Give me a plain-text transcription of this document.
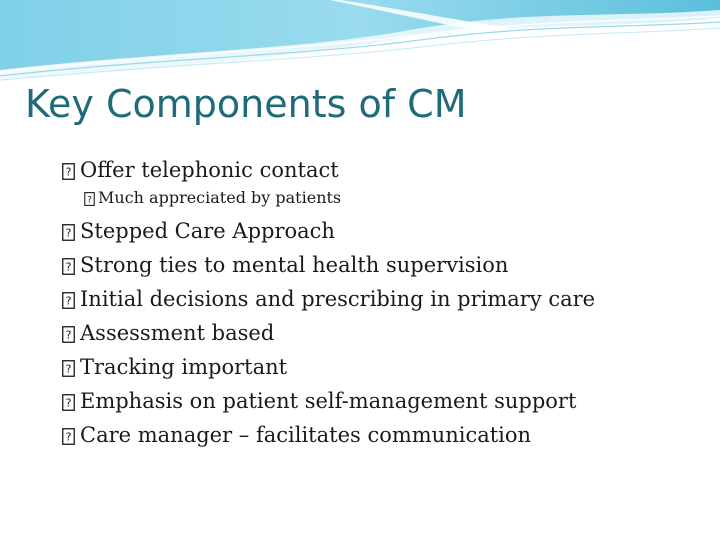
Key Components of CM
? Offer telephonic contact
? Much appreciated by patients
? Stepped Care Approach
? Strong ties to mental health supervision
? Initial decisions and prescribing in primary care
? Assessment based
? Tracking important
? Emphasis on patient self-management support
? Care manager – facilitates communication
